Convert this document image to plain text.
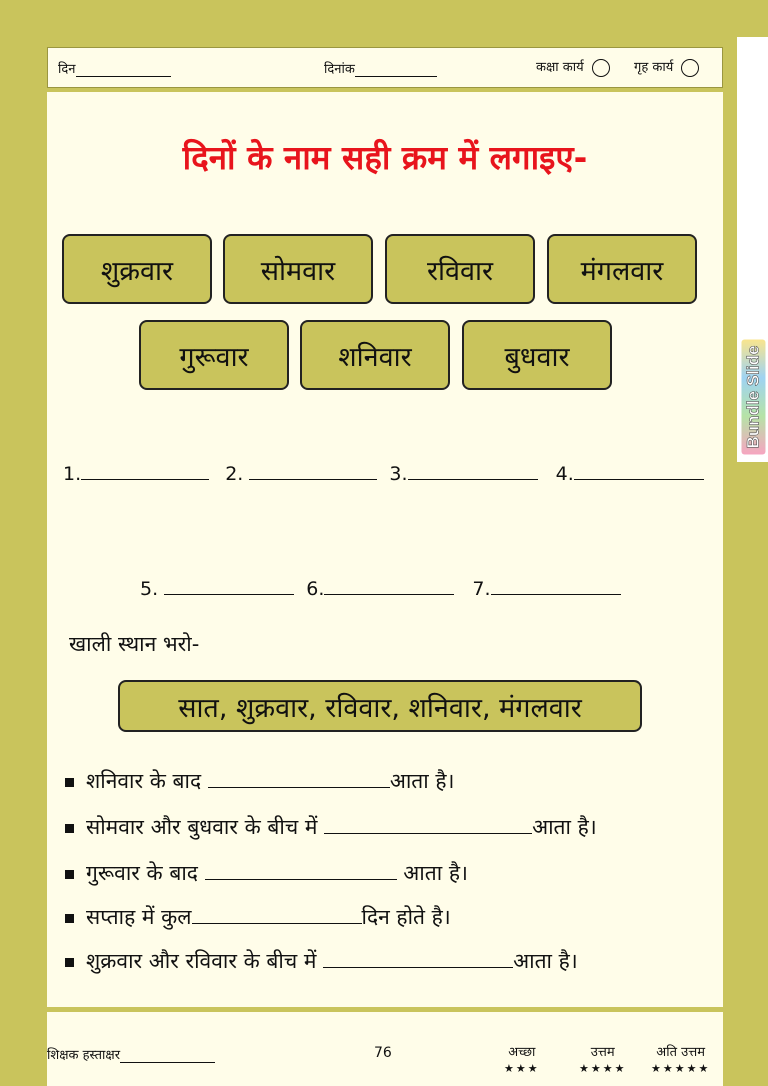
दिन	दिनांक	कक्षा कार्य	गृह कार्य
Bundle Slide
दिनों के नाम सही क्रम में लगाइए-
शुक्रवार	सोमवार	रविवार	मंगलवार
गुरूवार	शनिवार	बुधवार
1.	2.	3.	4.
5.	6.	7.
खाली स्थान भरो-
सात, शुक्रवार, रविवार, शनिवार, मंगलवार
शनिवार के बाद	आता है।
सोमवार और बुधवार के बीच में	आता है।
गुरूवार के बाद	आता है।
सप्ताह में कुल	दिन होते है।
शुक्रवार और रविवार के बीच में	आता है।
शिक्षक हस्ताक्षर	76	अच्छा
★★★
उत्तम
★★★★
अति उत्तम
★★★★★
